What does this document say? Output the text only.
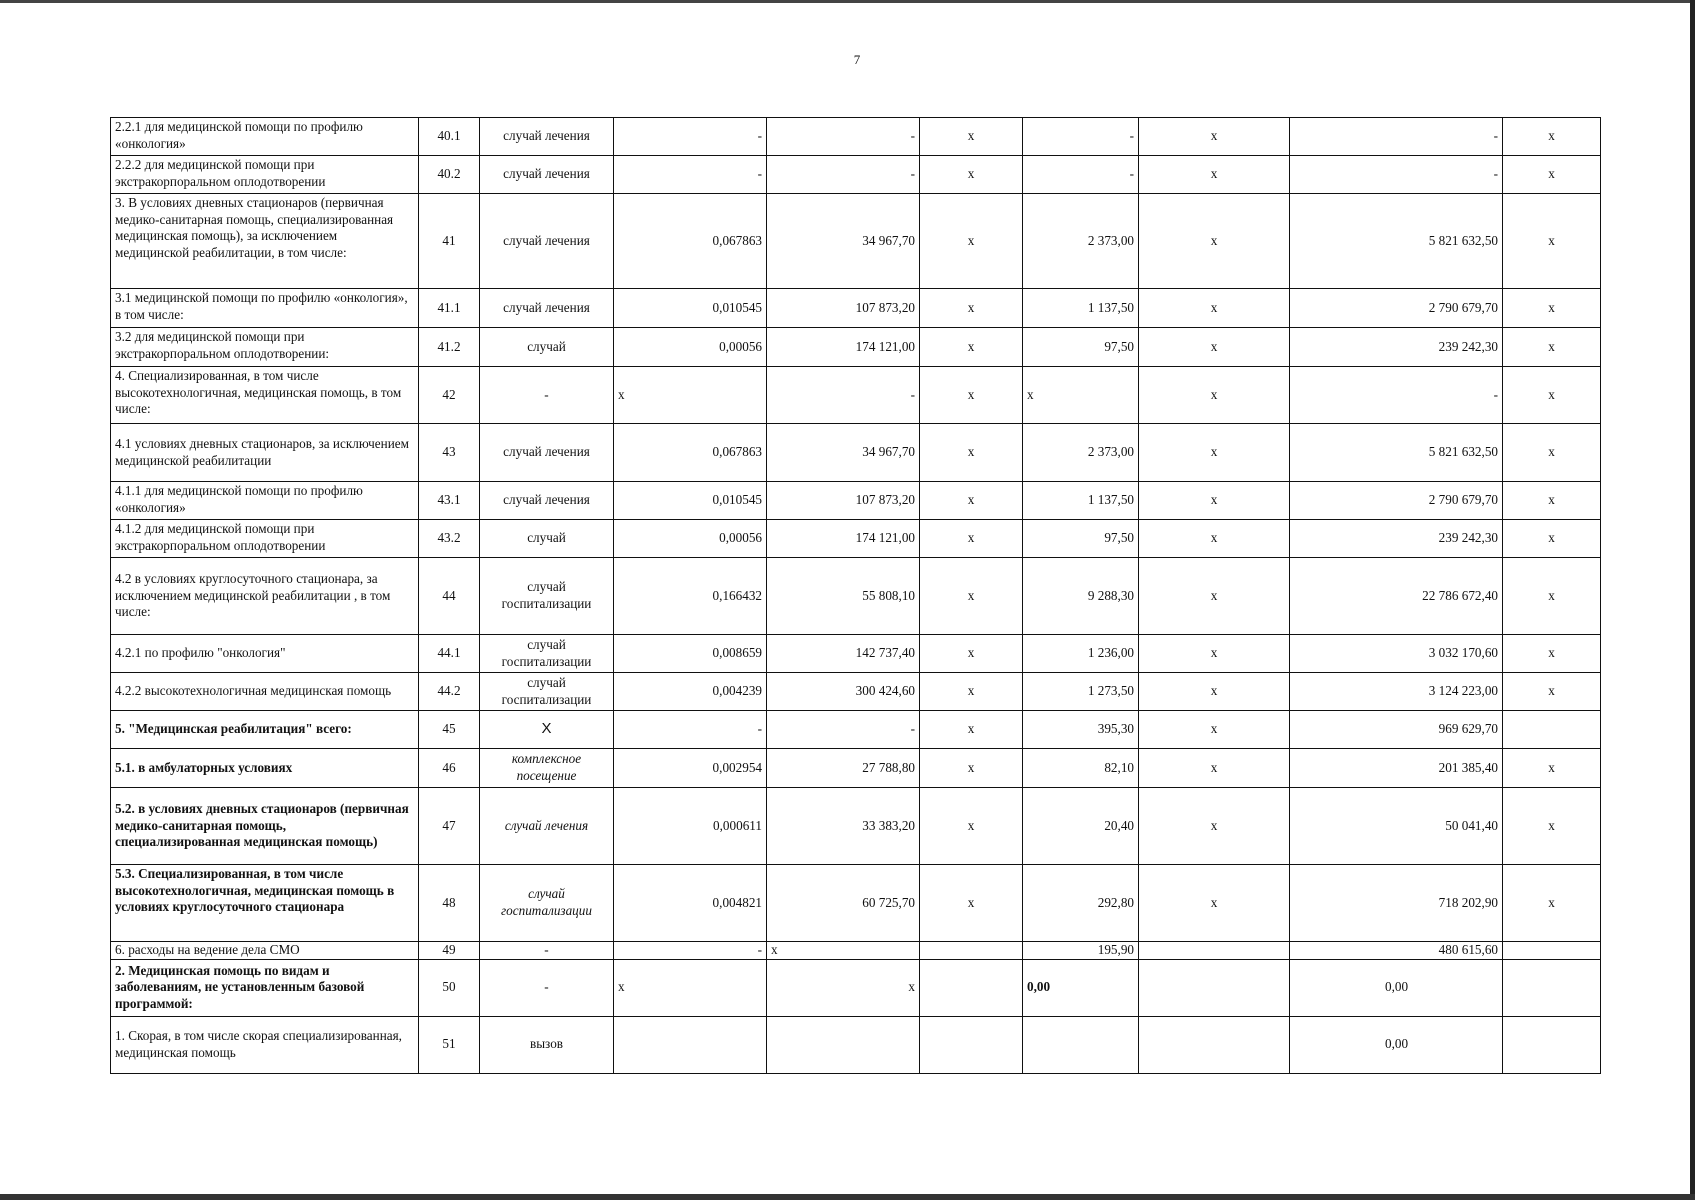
7
2.2.1 для медицинской помощи по профилю «онкология»	40.1	случай лечения	-	-	х	-	х	-	х
2.2.2 для медицинской помощи при экстракорпоральном оплодотворении	40.2	случай лечения	-	-	х	-	х	-	х
3. В условиях дневных стационаров (первичная медико-санитарная помощь, специализированная медицинская помощь), за исключением медицинской реабилитации, в том числе:	41	случай лечения	0,067863	34 967,70	х	2 373,00	х	5 821 632,50	х
3.1 медицинской помощи по профилю «онкология», в том числе:	41.1	случай лечения	0,010545	107 873,20	х	1 137,50	х	2 790 679,70	х
3.2 для медицинской помощи при экстракорпоральном оплодотворении:	41.2	случай	0,00056	174 121,00	х	97,50	х	239 242,30	х
4. Специализированная, в том числе высокотехнологичная, медицинская помощь, в том числе:	42	-	х	-	х	х	х	-	х
4.1 условиях дневных стационаров, за исключением медицинской реабилитации	43	случай лечения	0,067863	34 967,70	х	2 373,00	х	5 821 632,50	х
4.1.1 для медицинской помощи по профилю «онкология»	43.1	случай лечения	0,010545	107 873,20	х	1 137,50	х	2 790 679,70	х
4.1.2 для медицинской помощи при экстракорпоральном оплодотворении	43.2	случай	0,00056	174 121,00	х	97,50	х	239 242,30	х
4.2 в условиях круглосуточного стационара, за исключением медицинской реабилитации , в том числе:	44	случай госпитализации	0,166432	55 808,10	х	9 288,30	х	22 786 672,40	х
4.2.1 по профилю "онкология"	44.1	случай госпитализации	0,008659	142 737,40	х	1 236,00	х	3 032 170,60	х
4.2.2 высокотехнологичная медицинская помощь	44.2	случай госпитализации	0,004239	300 424,60	х	1 273,50	х	3 124 223,00	х
5. "Медицинская реабилитация" всего:	45	Х	-	-	х	395,30	х	969 629,70	
5.1. в амбулаторных условиях	46	комплексное посещение	0,002954	27 788,80	х	82,10	х	201 385,40	х
5.2. в условиях дневных стационаров (первичная медико-санитарная помощь, специализированная медицинская помощь)	47	случай лечения	0,000611	33 383,20	х	20,40	х	50 041,40	х
5.3. Специализированная, в том числе высокотехнологичная, медицинская помощь в условиях круглосуточного стационара	48	случай госпитализации	0,004821	60 725,70	х	292,80	х	718 202,90	х
6. расходы на ведение дела СМО	49	-	-	х		195,90		480 615,60	
2. Медицинская помощь по видам и заболеваниям, не установленным базовой программой:	50	-	х	х		0,00		0,00	
1. Скорая, в том числе скорая специализированная, медицинская помощь	51	вызов						0,00	
